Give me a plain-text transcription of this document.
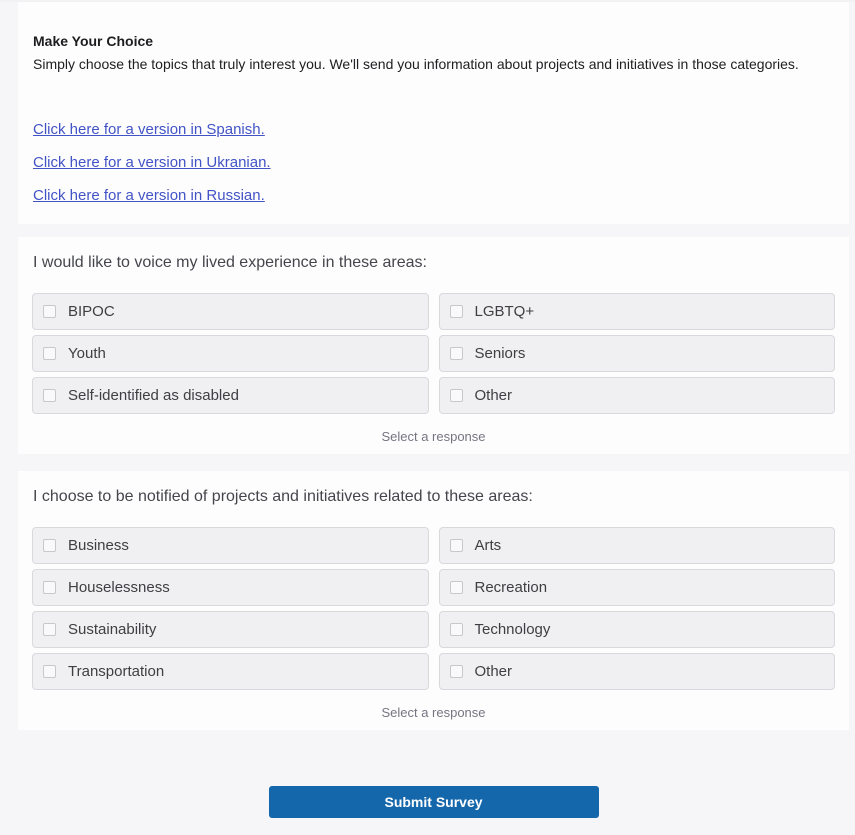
Make Your Choice
Simply choose the topics that truly interest you. We'll send you information about projects and initiatives in those categories.
Click here for a version in Spanish.
Click here for a version in Ukranian.
Click here for a version in Russian.
I would like to voice my lived experience in these areas:
BIPOC	LGBTQ+
Youth	Seniors
Self-identified as disabled	Other
Select a response
I choose to be notified of projects and initiatives related to these areas:
Business	Arts
Houselessness	Recreation
Sustainability	Technology
Transportation	Other
Select a response
Submit Survey
